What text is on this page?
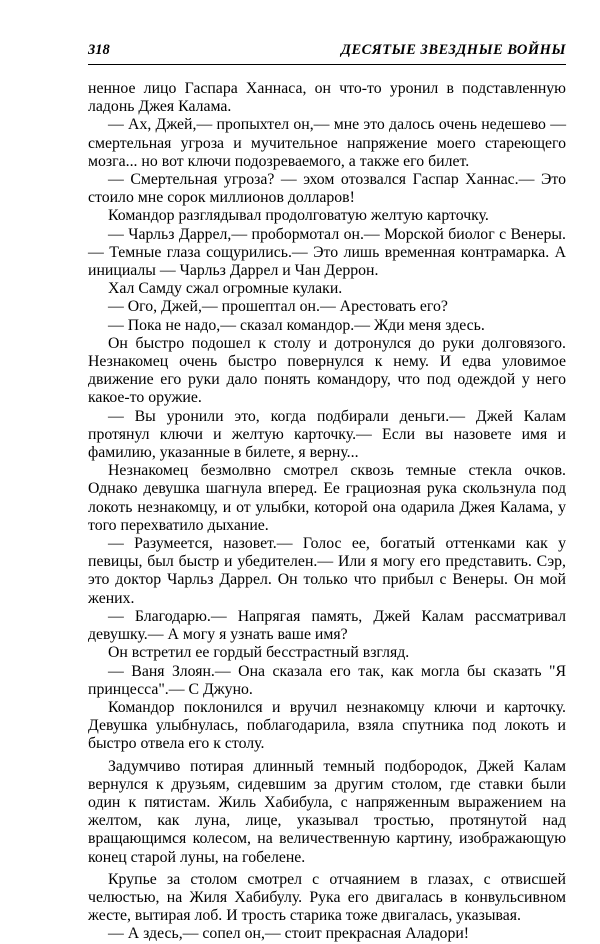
318	ДЕСЯТЫЕ ЗВЕЗДНЫЕ ВОЙНЫ

ненное лицо Гаспара Ханнаса, он что-то уронил в подставленную ладонь Джея Калама.

— Ах, Джей,— пропыхтел он,— мне это далось очень недешево — смертельная угроза и мучительное напряжение моего стареющего мозга... но вот ключи подозреваемого, а также его билет.

— Смертельная угроза? — эхом отозвался Гаспар Ханнас.— Это стоило мне сорок миллионов долларов!

Командор разглядывал продолговатую желтую карточку.

— Чарльз Даррел,— пробормотал он.— Морской биолог с Венеры.— Темные глаза сощурились.— Это лишь временная контрамарка. А инициалы — Чарльз Даррел и Чан Деррон.

Хал Самду сжал огромные кулаки.

— Ого, Джей,— прошептал он.— Арестовать его?

— Пока не надо,— сказал командор.— Жди меня здесь.

Он быстро подошел к столу и дотронулся до руки долговязого. Незнакомец очень быстро повернулся к нему. И едва уловимое движение его руки дало понять командору, что под одеждой у него какое-то оружие.

— Вы уронили это, когда подбирали деньги.— Джей Калам протянул ключи и желтую карточку.— Если вы назовете имя и фамилию, указанные в билете, я верну...

Незнакомец безмолвно смотрел сквозь темные стекла очков. Однако девушка шагнула вперед. Ее грациозная рука скользнула под локоть незнакомцу, и от улыбки, которой она одарила Джея Калама, у того перехватило дыхание.

— Разумеется, назовет.— Голос ее, богатый оттенками как у певицы, был быстр и убедителен.— Или я могу его представить. Сэр, это доктор Чарльз Даррел. Он только что прибыл с Венеры. Он мой жених.

— Благодарю.— Напрягая память, Джей Калам рассматривал девушку.— А могу я узнать ваше имя?

Он встретил ее гордый бесстрастный взгляд.

— Ваня Злоян.— Она сказала его так, как могла бы сказать "Я принцесса".— С Джуно.

Командор поклонился и вручил незнакомцу ключи и карточку. Девушка улыбнулась, поблагодарила, взяла спутника под локоть и быстро отвела его к столу.

Задумчиво потирая длинный темный подбородок, Джей Калам вернулся к друзьям, сидевшим за другим столом, где ставки были один к пятистам. Жиль Хабибула, с напряженным выражением на желтом, как луна, лице, указывал тростью, протянутой над вращающимся колесом, на величественную картину, изображающую конец старой луны, на гобелене.

Крупье за столом смотрел с отчаянием в глазах, с отвисшей челюстью, на Жиля Хабибулу. Рука его двигалась в конвульсивном жесте, вытирая лоб. И трость старика тоже двигалась, указывая.

— А здесь,— сопел он,— стоит прекрасная Аладори!
